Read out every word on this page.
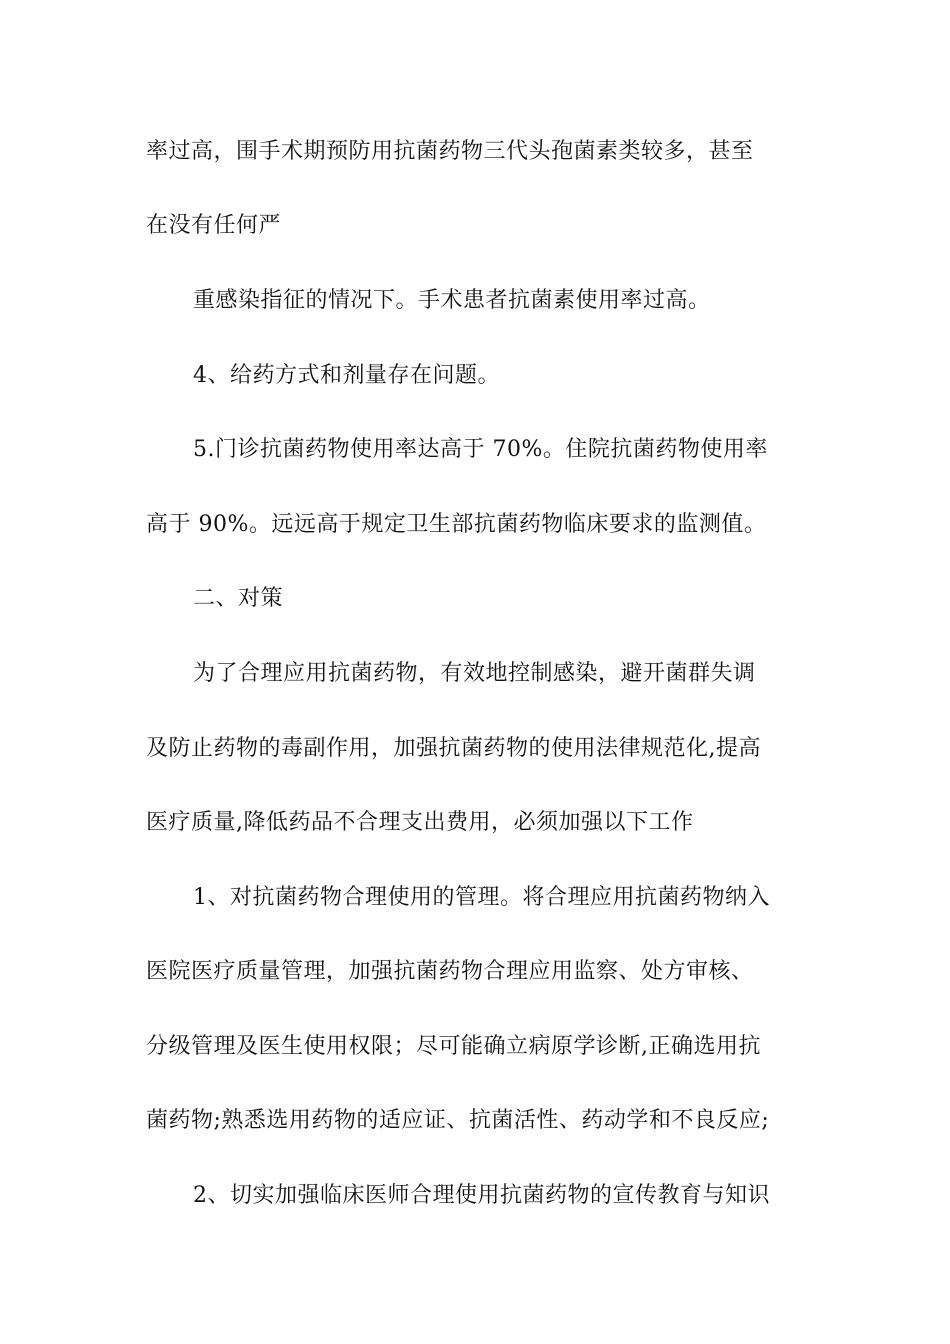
率过高，围手术期预防用抗菌药物三代头孢菌素类较多，甚至
在没有任何严
重感染指征的情况下。手术患者抗菌素使用率过高。
4、给药方式和剂量存在问题。
5.门诊抗菌药物使用率达高于 70%。住院抗菌药物使用率
高于 90%。远远高于规定卫生部抗菌药物临床要求的监测值。
二、对策
为了合理应用抗菌药物，有效地控制感染，避开菌群失调
及防止药物的毒副作用，加强抗菌药物的使用法律规范化,提高
医疗质量,降低药品不合理支出费用，必须加强以下工作
1、对抗菌药物合理使用的管理。将合理应用抗菌药物纳入
医院医疗质量管理，加强抗菌药物合理应用监察、处方审核、
分级管理及医生使用权限；尽可能确立病原学诊断,正确选用抗
菌药物;熟悉选用药物的适应证、抗菌活性、药动学和不良反应;
2、切实加强临床医师合理使用抗菌药物的宣传教育与知识
